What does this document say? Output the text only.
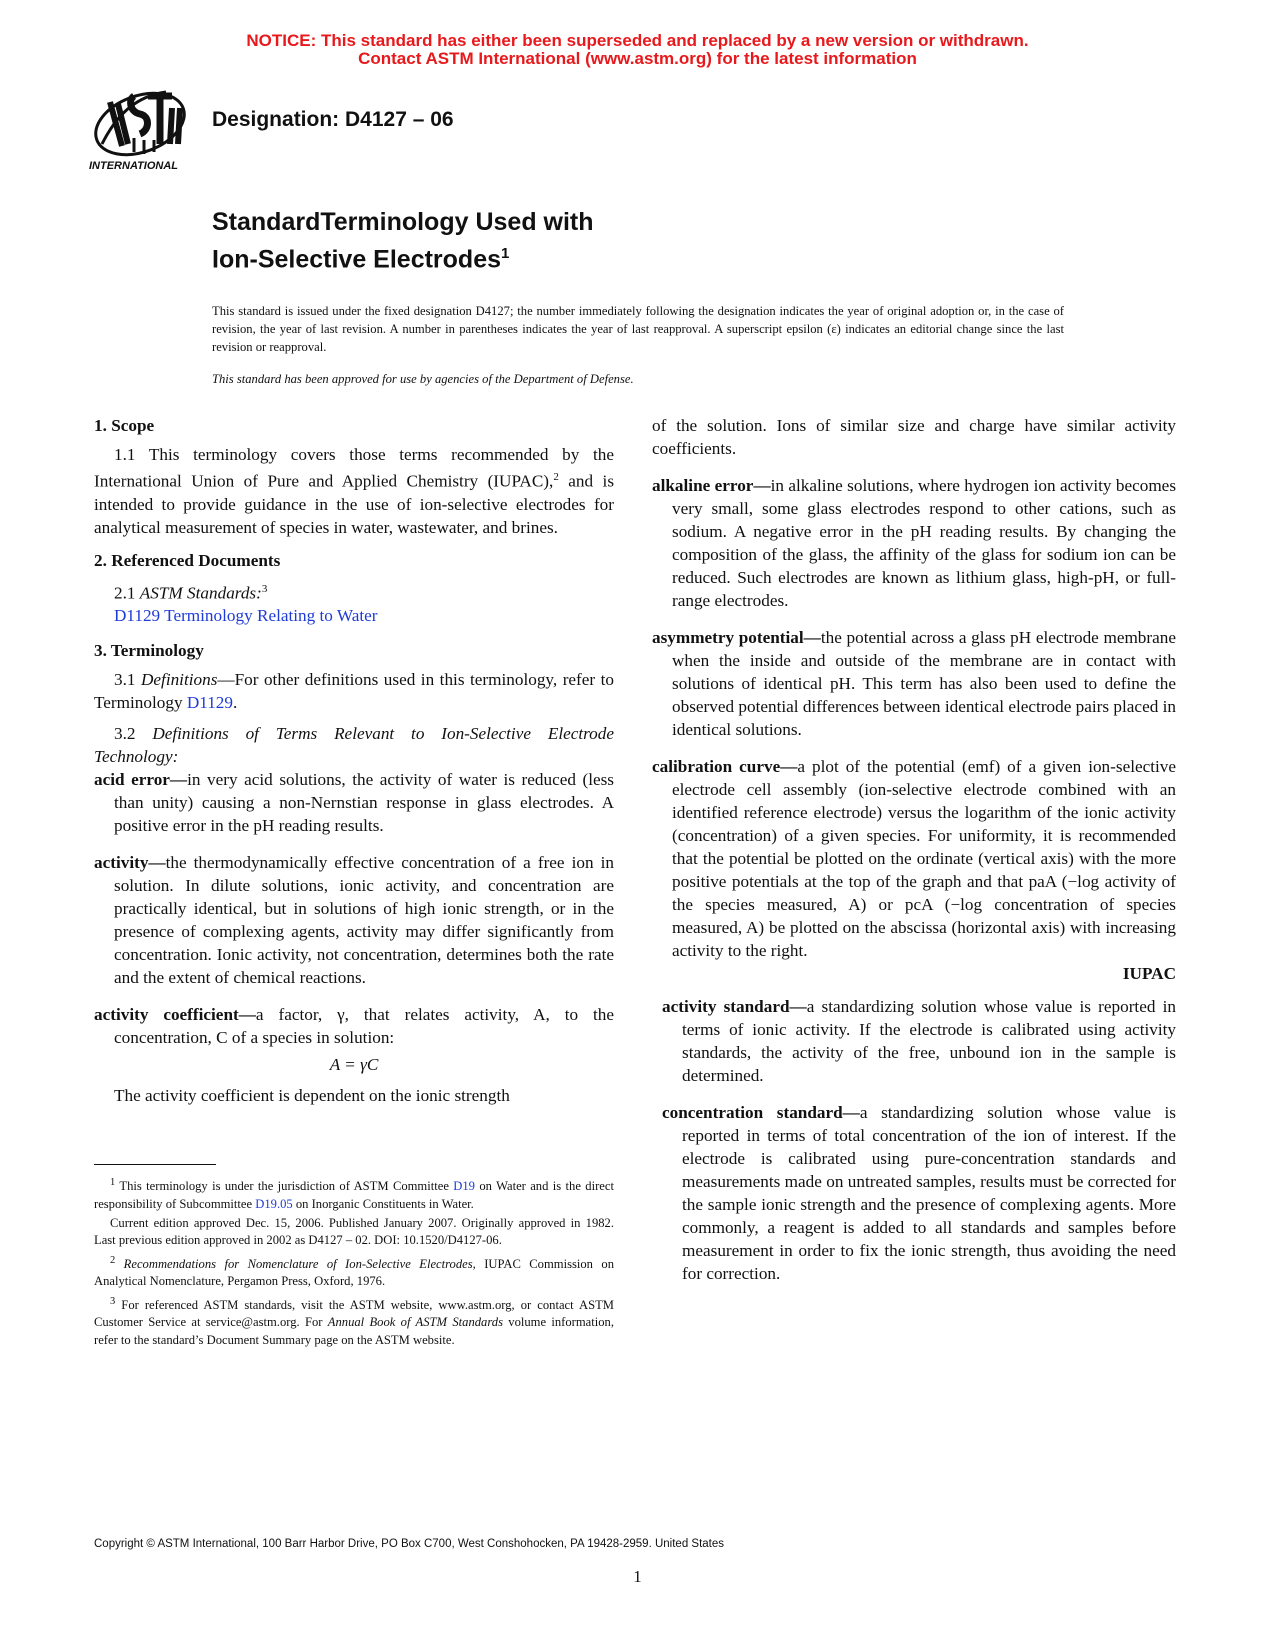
NOTICE: This standard has either been superseded and replaced by a new version or withdrawn.
Contact ASTM International (www.astm.org) for the latest information
INTERNATIONAL
Designation: D4127 – 06
StandardTerminology Used with
Ion-Selective Electrodes$^1$

This standard is issued under the fixed designation D4127; the number immediately following the designation indicates the year of original adoption or, in the case of revision, the year of last revision. A number in parentheses indicates the year of last reapproval. A superscript epsilon (ε) indicates an editorial change since the last revision or reapproval.

This standard has been approved for use by agencies of the Department of Defense.

1. Scope

1.1 This terminology covers those terms recommended by the International Union of Pure and Applied Chemistry (IUPAC),$^2$ and is intended to provide guidance in the use of ion-selective electrodes for analytical measurement of species in water, wastewater, and brines.

2. Referenced Documents

2.1 ASTM Standards:$^3$

D1129 Terminology Relating to Water

3. Terminology

3.1 Definitions—For other definitions used in this terminology, refer to Terminology D1129.

3.2 Definitions of Terms Relevant to Ion-Selective Electrode Technology:

acid error—in very acid solutions, the activity of water is reduced (less than unity) causing a non-Nernstian response in glass electrodes. A positive error in the pH reading results.

activity—the thermodynamically effective concentration of a free ion in solution. In dilute solutions, ionic activity, and concentration are practically identical, but in solutions of high ionic strength, or in the presence of complexing agents, activity may differ significantly from concentration. Ionic activity, not concentration, determines both the rate and the extent of chemical reactions.

activity coefficient—a factor, γ, that relates activity, A, to the concentration, C of a species in solution:

A = γC

The activity coefficient is dependent on the ionic strength

$^1$ This terminology is under the jurisdiction of ASTM Committee D19 on Water and is the direct responsibility of Subcommittee D19.05 on Inorganic Constituents in Water.

Current edition approved Dec. 15, 2006. Published January 2007. Originally approved in 1982. Last previous edition approved in 2002 as D4127 – 02. DOI: 10.1520/D4127-06.

$^2$ Recommendations for Nomenclature of Ion-Selective Electrodes, IUPAC Commission on Analytical Nomenclature, Pergamon Press, Oxford, 1976.

$^3$ For referenced ASTM standards, visit the ASTM website, www.astm.org, or contact ASTM Customer Service at service@astm.org. For Annual Book of ASTM Standards volume information, refer to the standard’s Document Summary page on the ASTM website.

of the solution. Ions of similar size and charge have similar activity coefficients.

alkaline error—in alkaline solutions, where hydrogen ion activity becomes very small, some glass electrodes respond to other cations, such as sodium. A negative error in the pH reading results. By changing the composition of the glass, the affinity of the glass for sodium ion can be reduced. Such electrodes are known as lithium glass, high-pH, or full-range electrodes.

asymmetry potential—the potential across a glass pH electrode membrane when the inside and outside of the membrane are in contact with solutions of identical pH. This term has also been used to define the observed potential differences between identical electrode pairs placed in identical solutions.

calibration curve—a plot of the potential (emf) of a given ion-selective electrode cell assembly (ion-selective electrode combined with an identified reference electrode) versus the logarithm of the ionic activity (concentration) of a given species. For uniformity, it is recommended that the potential be plotted on the ordinate (vertical axis) with the more positive potentials at the top of the graph and that paA (−log activity of the species measured, A) or pcA (−log concentration of species measured, A) be plotted on the abscissa (horizontal axis) with increasing activity to the right.

IUPAC

activity standard—a standardizing solution whose value is reported in terms of ionic activity. If the electrode is calibrated using activity standards, the activity of the free, unbound ion in the sample is determined.

concentration standard—a standardizing solution whose value is reported in terms of total concentration of the ion of interest. If the electrode is calibrated using pure-concentration standards and measurements made on untreated samples, results must be corrected for the sample ionic strength and the presence of complexing agents. More commonly, a reagent is added to all standards and samples before measurement in order to fix the ionic strength, thus avoiding the need for correction.

Copyright © ASTM International, 100 Barr Harbor Drive, PO Box C700, West Conshohocken, PA 19428-2959. United States
1
